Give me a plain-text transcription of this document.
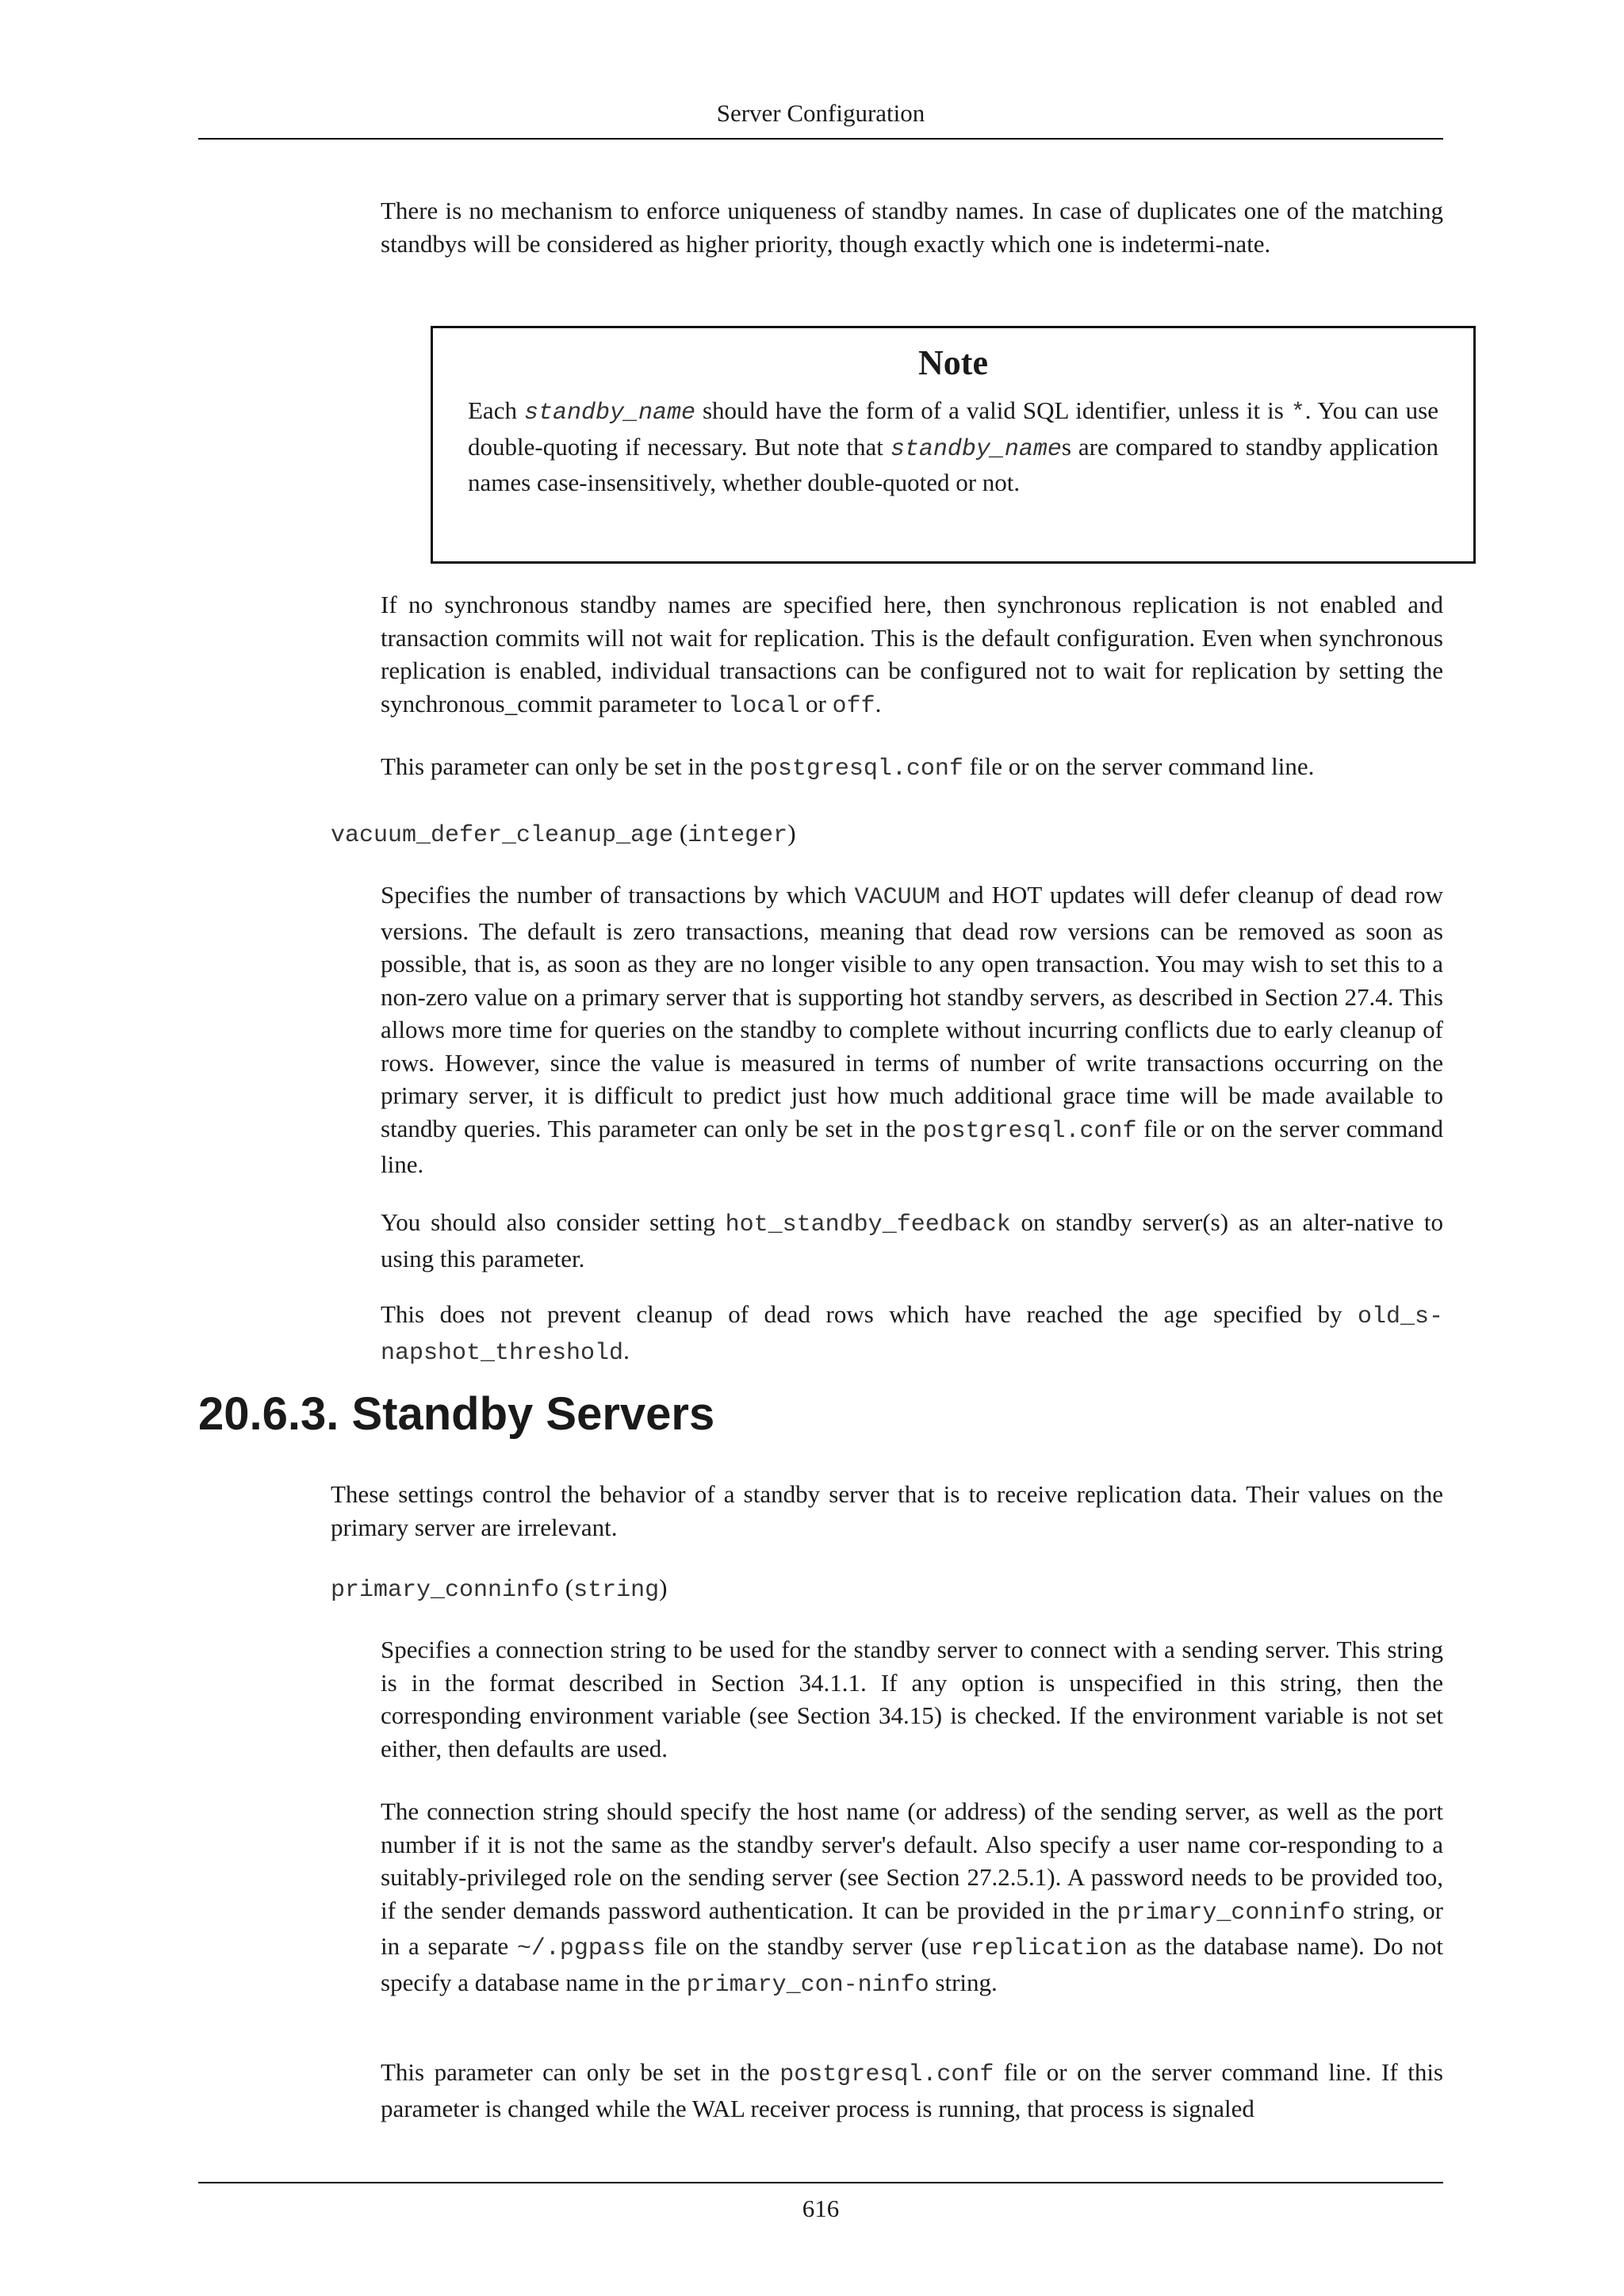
Server Configuration

There is no mechanism to enforce uniqueness of standby names. In case of duplicates one of the matching standbys will be considered as higher priority, though exactly which one is indetermi-nate.

Note

Each standby_name should have the form of a valid SQL identifier, unless it is *. You can use double-quoting if necessary. But note that standby_names are compared to standby application names case-insensitively, whether double-quoted or not.

If no synchronous standby names are specified here, then synchronous replication is not enabled and transaction commits will not wait for replication. This is the default configuration. Even when synchronous replication is enabled, individual transactions can be configured not to wait for replication by setting the synchronous_commit parameter to local or off.

This parameter can only be set in the postgresql.conf file or on the server command line.

vacuum_defer_cleanup_age (integer)

Specifies the number of transactions by which VACUUM and HOT updates will defer cleanup of dead row versions. The default is zero transactions, meaning that dead row versions can be removed as soon as possible, that is, as soon as they are no longer visible to any open transaction. You may wish to set this to a non-zero value on a primary server that is supporting hot standby servers, as described in Section 27.4. This allows more time for queries on the standby to complete without incurring conflicts due to early cleanup of rows. However, since the value is measured in terms of number of write transactions occurring on the primary server, it is difficult to predict just how much additional grace time will be made available to standby queries. This parameter can only be set in the postgresql.conf file or on the server command line.

You should also consider setting hot_standby_feedback on standby server(s) as an alter-native to using this parameter.

This does not prevent cleanup of dead rows which have reached the age specified by old_s-napshot_threshold.

20.6.3. Standby Servers

These settings control the behavior of a standby server that is to receive replication data. Their values on the primary server are irrelevant.

primary_conninfo (string)

Specifies a connection string to be used for the standby server to connect with a sending server. This string is in the format described in Section 34.1.1. If any option is unspecified in this string, then the corresponding environment variable (see Section 34.15) is checked. If the environment variable is not set either, then defaults are used.

The connection string should specify the host name (or address) of the sending server, as well as the port number if it is not the same as the standby server's default. Also specify a user name cor-responding to a suitably-privileged role on the sending server (see Section 27.2.5.1). A password needs to be provided too, if the sender demands password authentication. It can be provided in the primary_conninfo string, or in a separate ~/.pgpass file on the standby server (use replication as the database name). Do not specify a database name in the primary_con-ninfo string.

This parameter can only be set in the postgresql.conf file or on the server command line. If this parameter is changed while the WAL receiver process is running, that process is signaled

616
